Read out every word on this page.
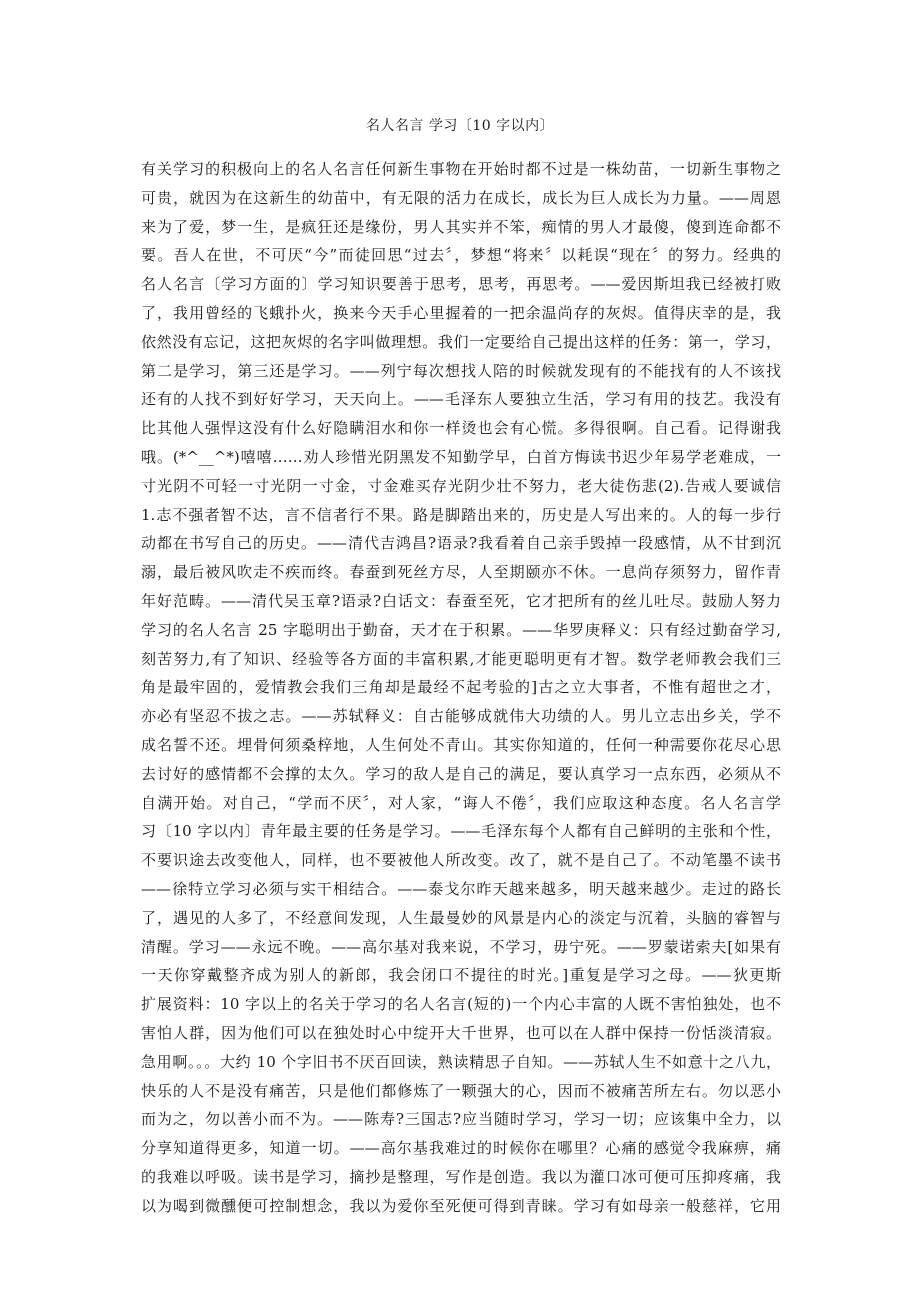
名人名言 学习〔10 字以内〕
有关学习的积极向上的名人名言任何新生事物在开始时都不过是一株幼苗，一切新生事物之
可贵，就因为在这新生的幼苗中，有无限的活力在成长，成长为巨人成长为力量。——周恩
来为了爱，梦一生，是疯狂还是缘份，男人其实并不笨，痴情的男人才最傻，傻到连命都不
要。吾人在世，不可厌“今”而徒回思“过去〞，梦想“将来〞以耗误“现在〞的努力。经典的
名人名言〔学习方面的〕学习知识要善于思考，思考，再思考。——爱因斯坦我已经被打败
了，我用曾经的飞蛾扑火，换来今天手心里握着的一把余温尚存的灰烬。值得庆幸的是，我
依然没有忘记，这把灰烬的名字叫做理想。我们一定要给自己提出这样的任务：第一，学习，
第二是学习，第三还是学习。——列宁每次想找人陪的时候就发现有的不能找有的人不该找
还有的人找不到好好学习，天天向上。——毛泽东人要独立生活，学习有用的技艺。我没有
比其他人强悍这没有什么好隐瞒泪水和你一样烫也会有心慌。多得很啊。自己看。记得谢我
哦。(*^__^*)嘻嘻……劝人珍惜光阴黑发不知勤学早，白首方悔读书迟少年易学老难成，一
寸光阴不可轻一寸光阴一寸金，寸金难买存光阴少壮不努力，老大徒伤悲(2).告戒人要诚信
1.志不强者智不达，言不信者行不果。路是脚踏出来的，历史是人写出来的。人的每一步行
动都在书写自己的历史。——清代吉鸿昌?语录?我看着自己亲手毁掉一段感情，从不甘到沉
溺，最后被风吹走不疾而终。春蚕到死丝方尽，人至期颐亦不休。一息尚存须努力，留作青
年好范畴。——清代吴玉章?语录?白话文：春蚕至死，它才把所有的丝儿吐尽。鼓励人努力
学习的名人名言 25 字聪明出于勤奋，天才在于积累。——华罗庚释义：只有经过勤奋学习,
刻苦努力,有了知识、经验等各方面的丰富积累,才能更聪明更有才智。数学老师教会我们三
角是最牢固的，爱情教会我们三角却是最经不起考验的]古之立大事者，不惟有超世之才，
亦必有坚忍不拔之志。——苏轼释义：自古能够成就伟大功绩的人。男儿立志出乡关，学不
成名誓不还。埋骨何须桑梓地，人生何处不青山。其实你知道的，任何一种需要你花尽心思
去讨好的感情都不会撑的太久。学习的敌人是自己的满足，要认真学习一点东西，必须从不
自满开始。对自己，“学而不厌〞，对人家，“诲人不倦〞，我们应取这种态度。名人名言学
习〔10 字以内〕青年最主要的任务是学习。——毛泽东每个人都有自己鲜明的主张和个性，
不要识途去改变他人，同样，也不要被他人所改变。改了，就不是自己了。不动笔墨不读书
——徐特立学习必须与实干相结合。——泰戈尔昨天越来越多，明天越来越少。走过的路长
了，遇见的人多了，不经意间发现，人生最曼妙的风景是内心的淡定与沉着，头脑的睿智与
清醒。学习——永远不晚。——高尔基对我来说，不学习，毋宁死。——罗蒙诺索夫[如果有
一天你穿戴整齐成为别人的新郎，我会闭口不提往的时光。]重复是学习之母。——狄更斯
扩展资料：10 字以上的名关于学习的名人名言(短的)一个内心丰富的人既不害怕独处，也不
害怕人群，因为他们可以在独处时心中绽开大千世界，也可以在人群中保持一份恬淡清寂。
急用啊。。。大约 10 个字旧书不厌百回读，熟读精思子自知。——苏轼人生不如意十之八九，
快乐的人不是没有痛苦，只是他们都修炼了一颗强大的心，因而不被痛苦所左右。勿以恶小
而为之，勿以善小而不为。——陈寿?三国志?应当随时学习，学习一切；应该集中全力，以
分享知道得更多，知道一切。——高尔基我难过的时候你在哪里？心痛的感觉令我麻痹，痛
的我难以呼吸。读书是学习，摘抄是整理，写作是创造。我以为灌口冰可便可压抑疼痛，我
以为喝到微醺便可控制想念，我以为爱你至死便可得到青睐。学习有如母亲一般慈祥，它用
